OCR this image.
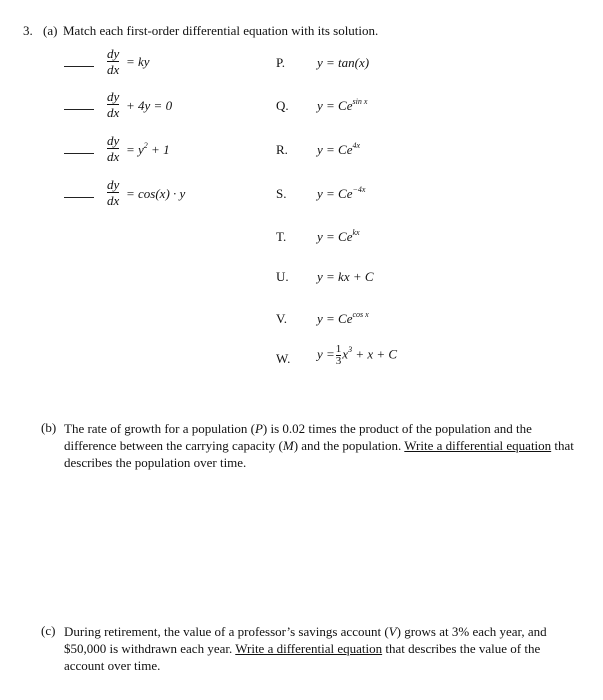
3. (a) Match each first-order differential equation with its solution.
dy
dx
= ky
dy
dx + 4y = 0
dy
dx = $y^2 + 1$
dy
dx = cos(x) · y
P. y = tan(x)
Q. $y = Ce^{sin x}$
R. $y = Ce^{4x}$
S. $y = Ce^{-4x}$
T. $y = Ce^{kx}$
U. y = kx + C
V. $y = Ce^{cos x}$
W. $y =\frac{1}{3}x^3 + x + C$
(b) The rate of growth for a population (P) is 0.02 times the product of the population and the difference between the carrying capacity (M) and the population. Write a differential equation that describes the population over time.
(c) During retirement, the value of a professor’s savings account (V) grows at 3% each year, and $50,000 is withdrawn each year. Write a differential equation that describes the value of the account over time.
